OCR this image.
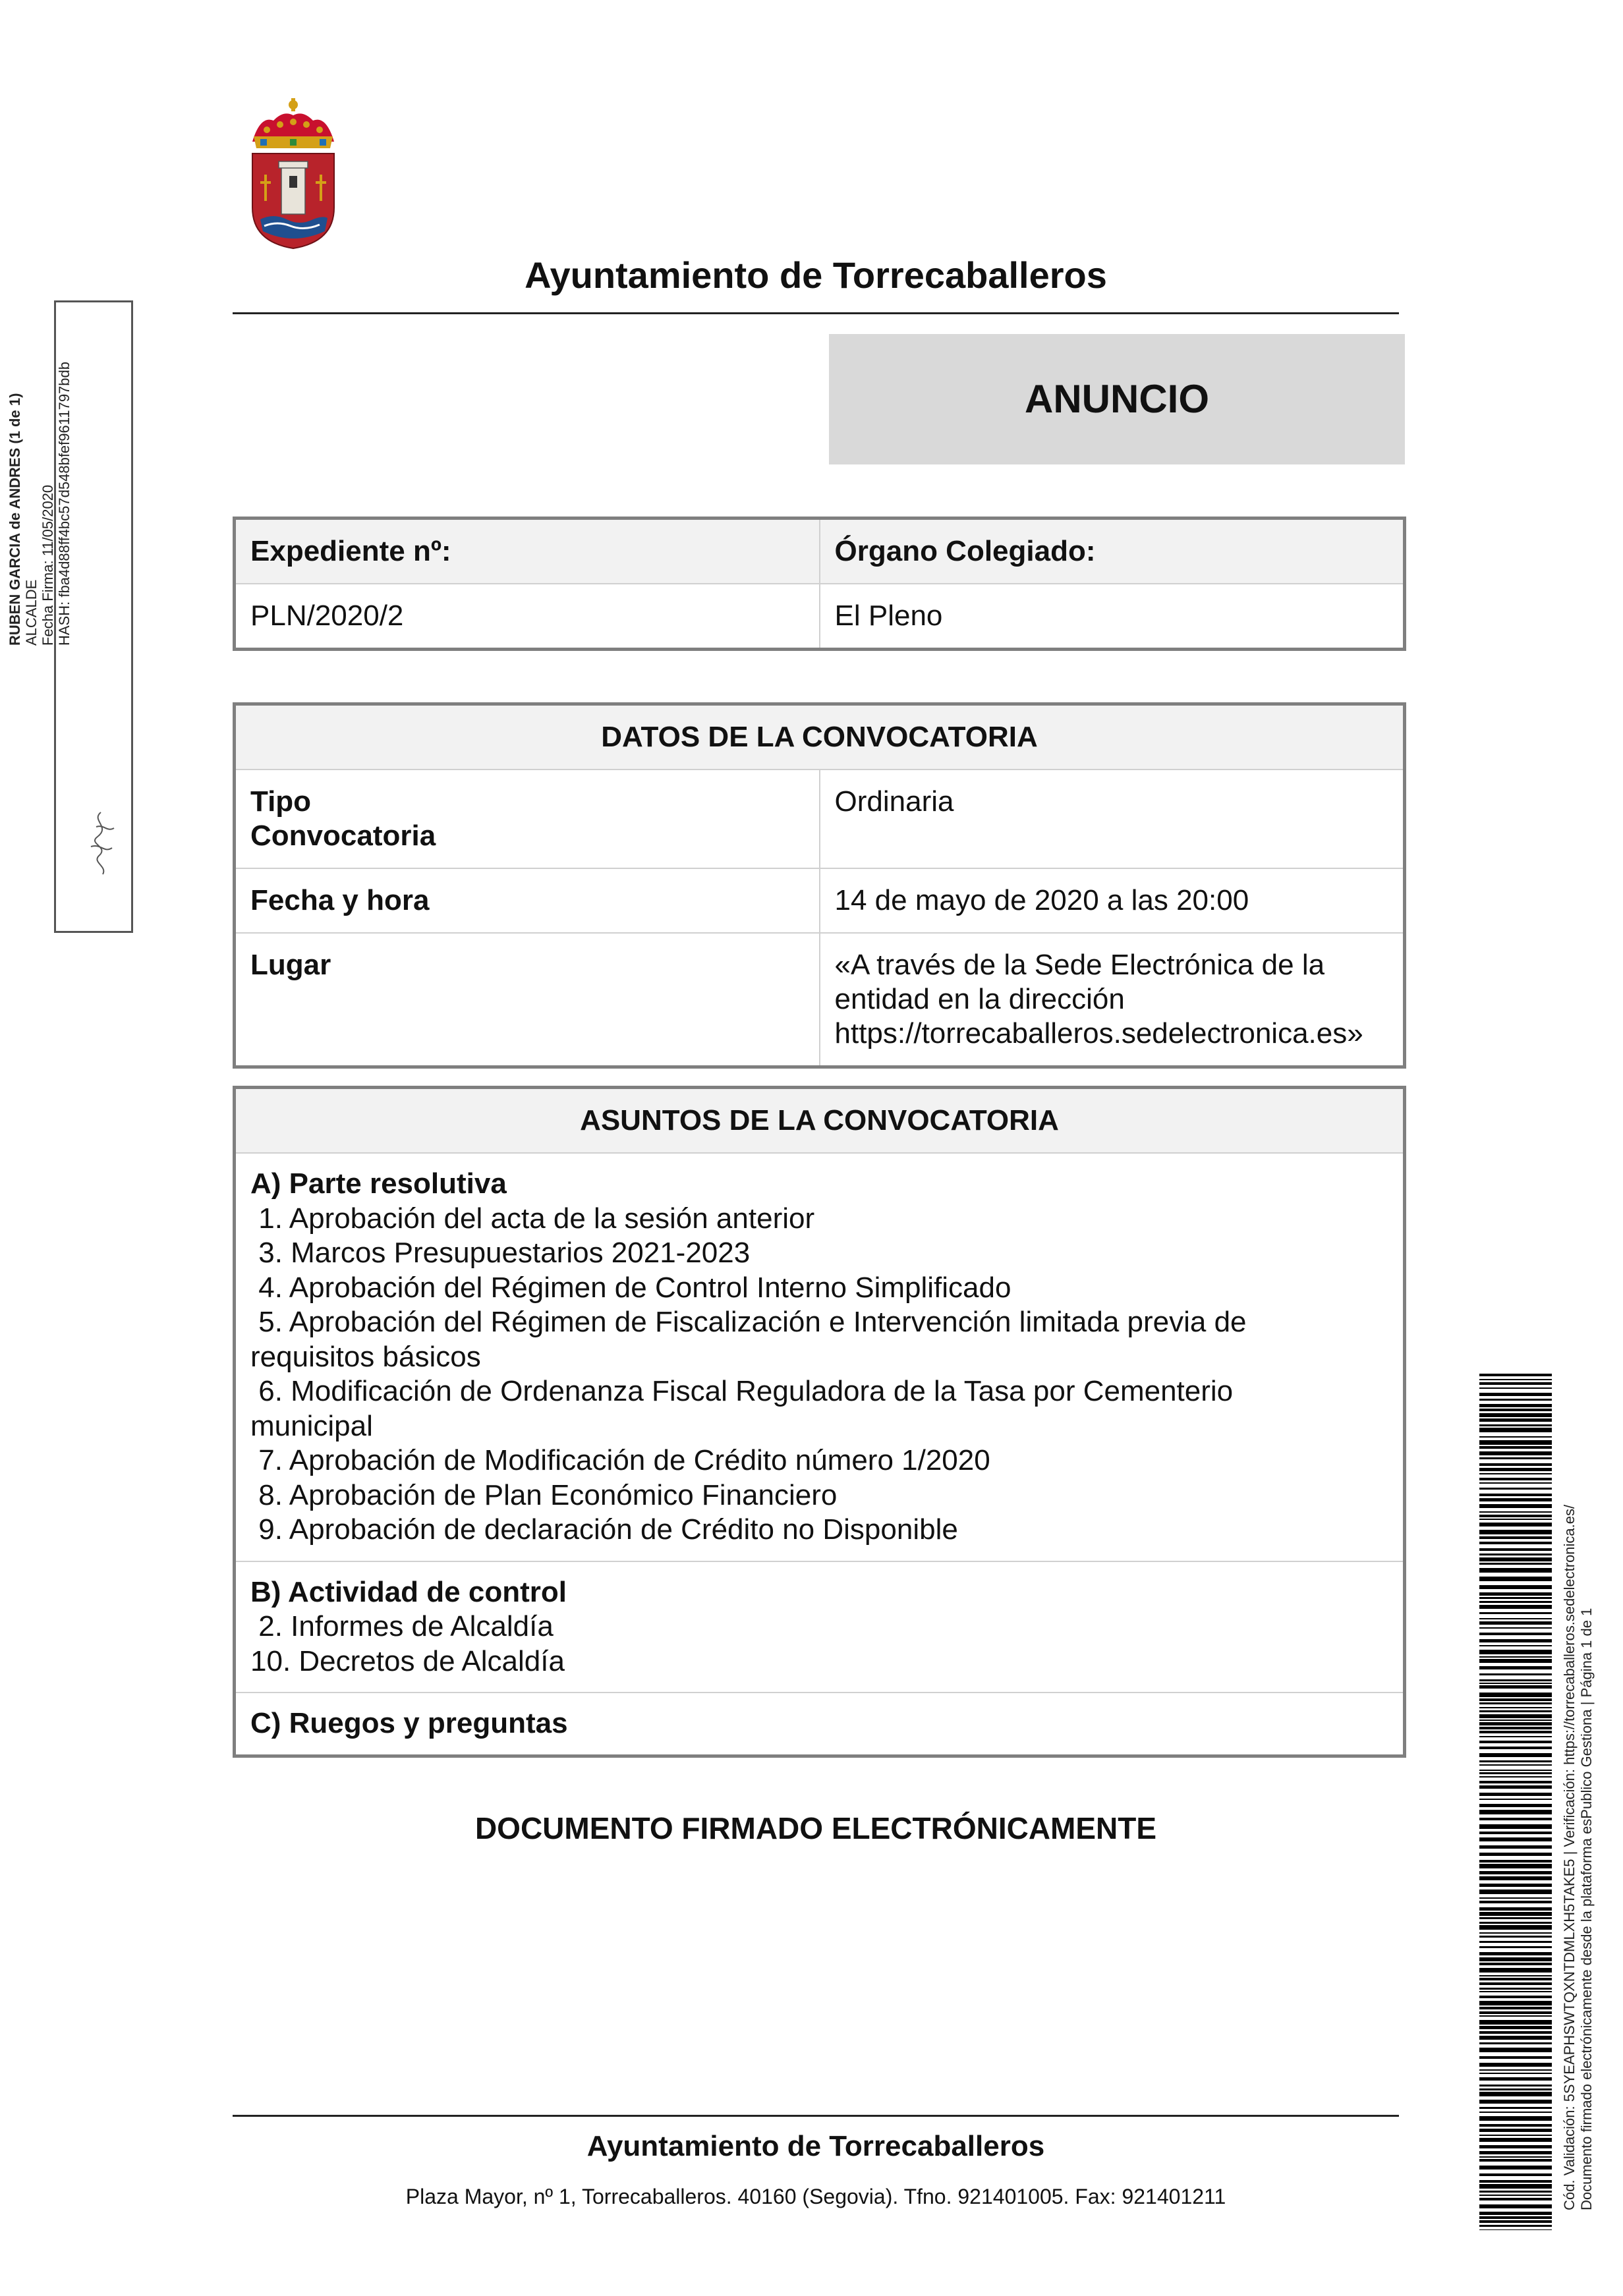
Ayuntamiento de Torrecaballeros
ANUNCIO
Expediente nº:	Órgano Colegiado:
PLN/2020/2	El Pleno
DATOS DE LA CONVOCATORIA	

Tipo
Convocatoria	Ordinaria

Fecha y hora	14 de mayo de 2020 a las 20:00

Lugar	«A través de la Sede Electrónica de la entidad en la dirección
https://torrecaballeros.sedelectronica.es»
ASUNTOS DE LA CONVOCATORIA

A) Parte resolutiva
1. Aprobación del acta de la sesión anterior
3. Marcos Presupuestarios 2021-2023
4. Aprobación del Régimen de Control Interno Simplificado
5. Aprobación del Régimen de Fiscalización e Intervención limitada previa de
requisitos básicos
6. Modificación de Ordenanza Fiscal Reguladora de la Tasa por Cementerio
municipal
7. Aprobación de Modificación de Crédito número 1/2020
8. Aprobación de Plan Económico Financiero
9. Aprobación de declaración de Crédito no Disponible

B) Actividad de control
2. Informes de Alcaldía
10. Decretos de Alcaldía

C) Ruegos y preguntas
DOCUMENTO FIRMADO ELECTRÓNICAMENTE
Ayuntamiento de Torrecaballeros
Plaza Mayor, nº 1, Torrecaballeros. 40160 (Segovia). Tfno. 921401005. Fax: 921401211
RUBEN GARCIA de ANDRES (1 de 1) ALCALDE Fecha Firma: 11/05/2020 HASH: fba4d88ff4bc57d548bfef9611797bdb
Cód. Validación: 5SYEAPHSWTQXNTDMLXH5TAKE5 | Verificación: https://torrecaballeros.sedelectronica.es/ Documento firmado electrónicamente desde la plataforma esPublico Gestiona | Página 1 de 1
